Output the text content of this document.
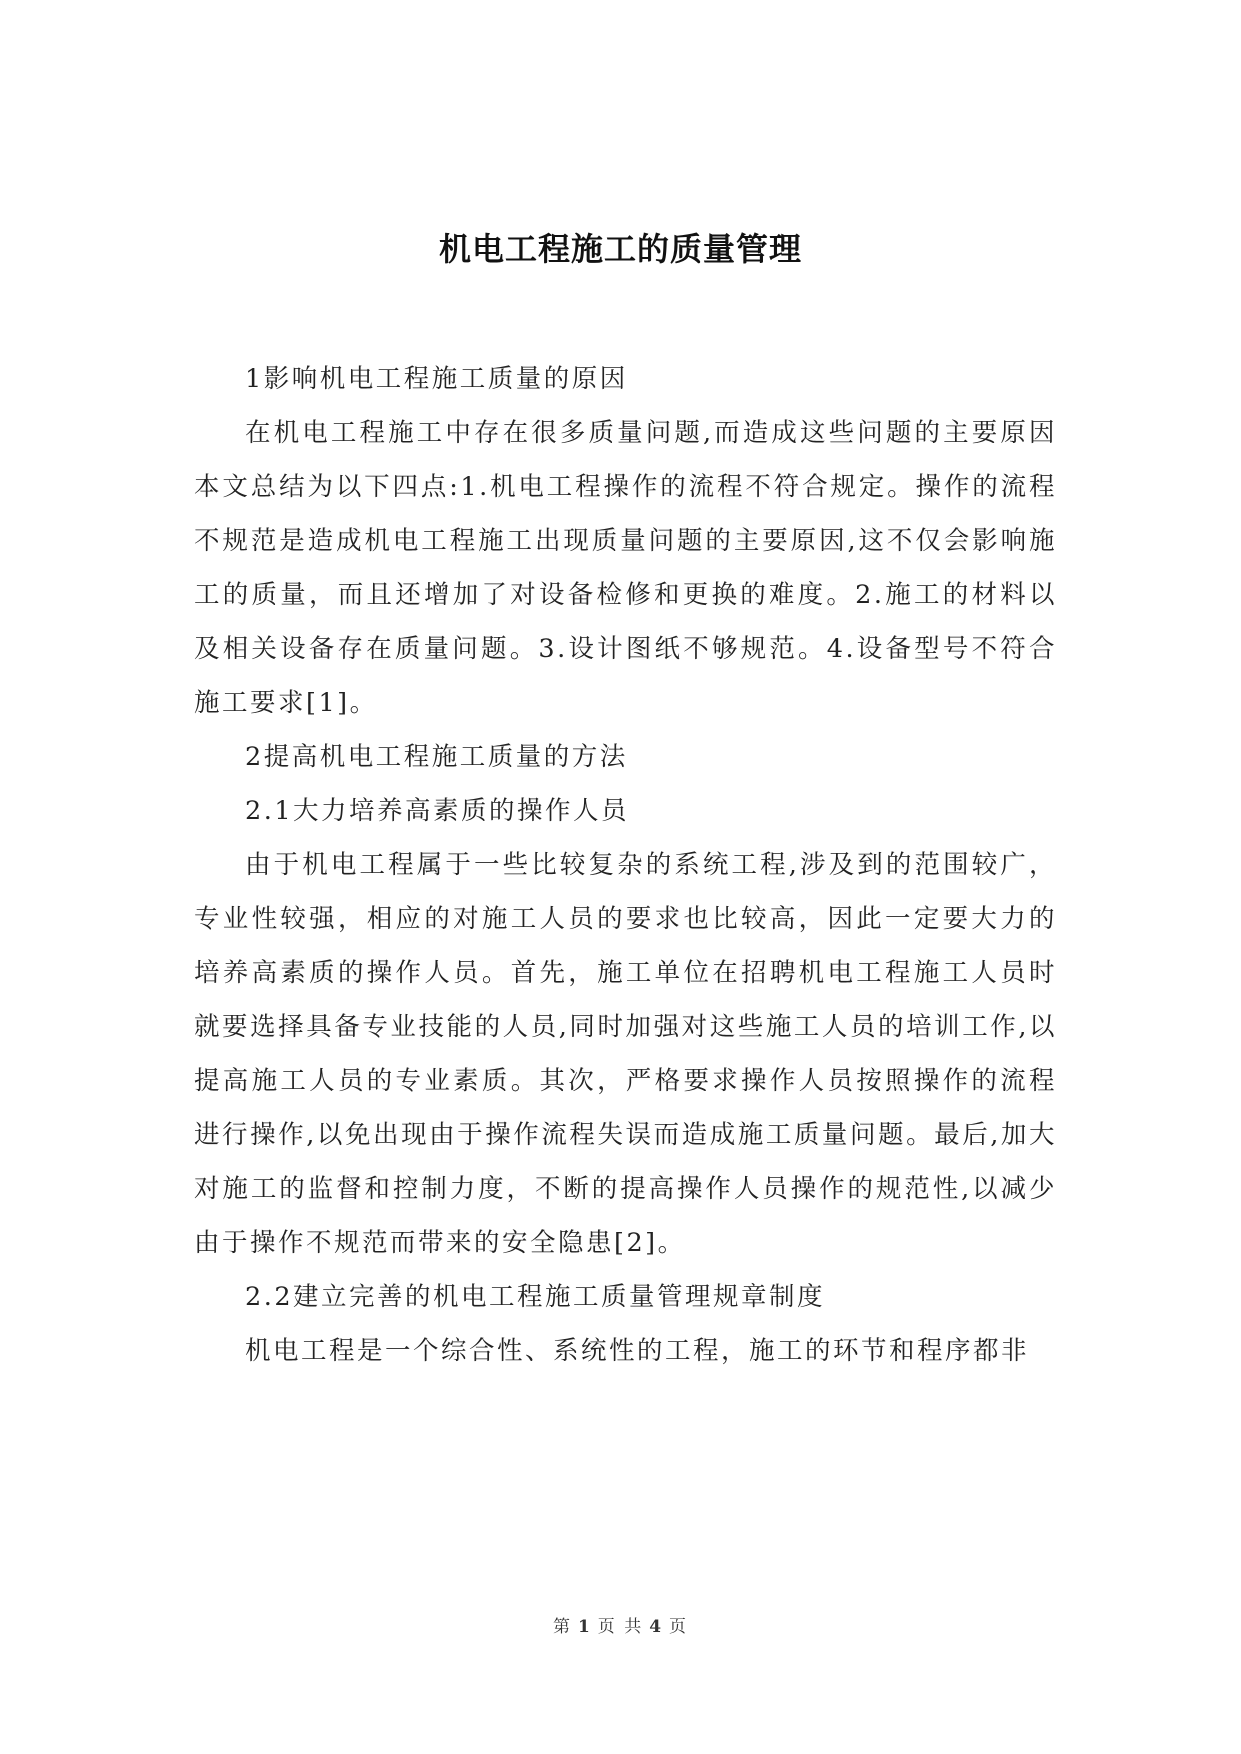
机电工程施工的质量管理

1影响机电工程施工质量的原因

在机电工程施工中存在很多质量问题,而造成这些问题的主要原因本文总结为以下四点:1.机电工程操作的流程不符合规定。操作的流程不规范是造成机电工程施工出现质量问题的主要原因,这不仅会影响施工的质量，而且还增加了对设备检修和更换的难度。2.施工的材料以及相关设备存在质量问题。3.设计图纸不够规范。4.设备型号不符合施工要求[1]。

2提高机电工程施工质量的方法

2.1大力培养高素质的操作人员

由于机电工程属于一些比较复杂的系统工程,涉及到的范围较广，专业性较强，相应的对施工人员的要求也比较高，因此一定要大力的培养高素质的操作人员。首先，施工单位在招聘机电工程施工人员时就要选择具备专业技能的人员,同时加强对这些施工人员的培训工作,以提高施工人员的专业素质。其次，严格要求操作人员按照操作的流程进行操作,以免出现由于操作流程失误而造成施工质量问题。最后,加大对施工的监督和控制力度，不断的提高操作人员操作的规范性,以减少由于操作不规范而带来的安全隐患[2]。

2.2建立完善的机电工程施工质量管理规章制度

机电工程是一个综合性、系统性的工程，施工的环节和程序都非

第 1 页 共 4 页
